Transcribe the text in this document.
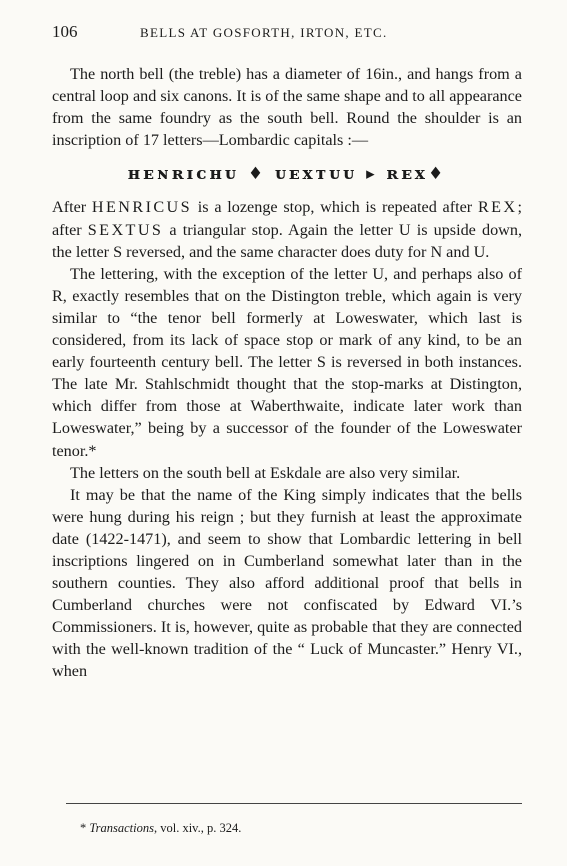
106	BELLS AT GOSFORTH, IRTON, ETC.

The north bell (the treble) has a diameter of 16in., and hangs from a central loop and six canons. It is of the same shape and to all appearance from the same foundry as the south bell. Round the shoulder is an inscription of 17 letters—Lombardic capitals :—

ʜᴇɴʀɪᴄʜᴜ ♦ ᴜᴇxᴛᴜᴜ ▸ ʀᴇx♦

After HENRICUS is a lozenge stop, which is repeated after REX; after SEXTUS a triangular stop. Again the letter U is upside down, the letter S reversed, and the same character does duty for N and U.

The lettering, with the exception of the letter U, and perhaps also of R, exactly resembles that on the Distington treble, which again is very similar to “the tenor bell formerly at Loweswater, which last is considered, from its lack of space stop or mark of any kind, to be an early fourteenth century bell. The letter S is reversed in both instances. The late Mr. Stahlschmidt thought that the stop-marks at Distington, which differ from those at Waberthwaite, indicate later work than Loweswater,” being by a successor of the founder of the Loweswater tenor.*

The letters on the south bell at Eskdale are also very similar.

It may be that the name of the King simply indicates that the bells were hung during his reign ; but they furnish at least the approximate date (1422-1471), and seem to show that Lombardic lettering in bell inscriptions lingered on in Cumberland somewhat later than in the southern counties. They also afford additional proof that bells in Cumberland churches were not confiscated by Edward VI.’s Commissioners. It is, however, quite as probable that they are connected with the well-known tradition of the “ Luck of Muncaster.” Henry VI., when

* Transactions, vol. xiv., p. 324.
